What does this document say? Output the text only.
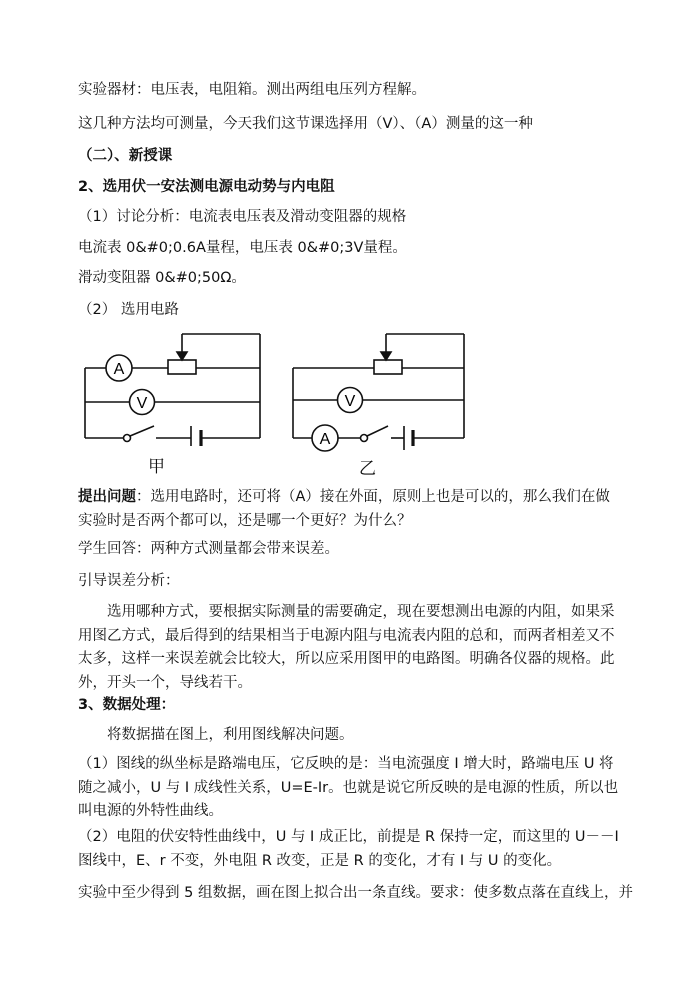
实验器材：电压表，电阻箱。测出两组电压列方程解。

这几种方法均可测量，今天我们这节课选择用（V）、（A）测量的这一种

（二）、新授课

2、选用伏一安法测电源电动势与内电阻

（1）讨论分析：电流表电压表及滑动变阻器的规格

电流表 0&#0;0.6A量程，电压表 0&#0;3V量程。

滑动变阻器 0&#0;50Ω。

（2） 选用电路

A
V
甲
V
A
乙

提出问题：选用电路时，还可将（A）接在外面，原则上也是可以的，那么我们在做实验时是否两个都可以，还是哪一个更好？为什么？

学生回答：两种方式测量都会带来误差。

引导误差分析：

选用哪种方式，要根据实际测量的需要确定，现在要想测出电源的内阻，如果采用图乙方式，最后得到的结果相当于电源内阻与电流表内阻的总和，而两者相差又不太多，这样一来误差就会比较大，所以应采用图甲的电路图。明确各仪器的规格。此外，开头一个，导线若干。

3、数据处理：

将数据描在图上，利用图线解决问题。

（1）图线的纵坐标是路端电压，它反映的是：当电流强度 I 增大时，路端电压 U 将随之减小，U 与 I 成线性关系，U=E-Ir。也就是说它所反映的是电源的性质，所以也叫电源的外特性曲线。

（2）电阻的伏安特性曲线中，U 与 I 成正比，前提是 R 保持一定，而这里的 U－－I 图线中，E、r 不变，外电阻 R 改变，正是 R 的变化，才有 I 与 U 的变化。

实验中至少得到 5 组数据，画在图上拟合出一条直线。要求：使多数点落在直线上，并
